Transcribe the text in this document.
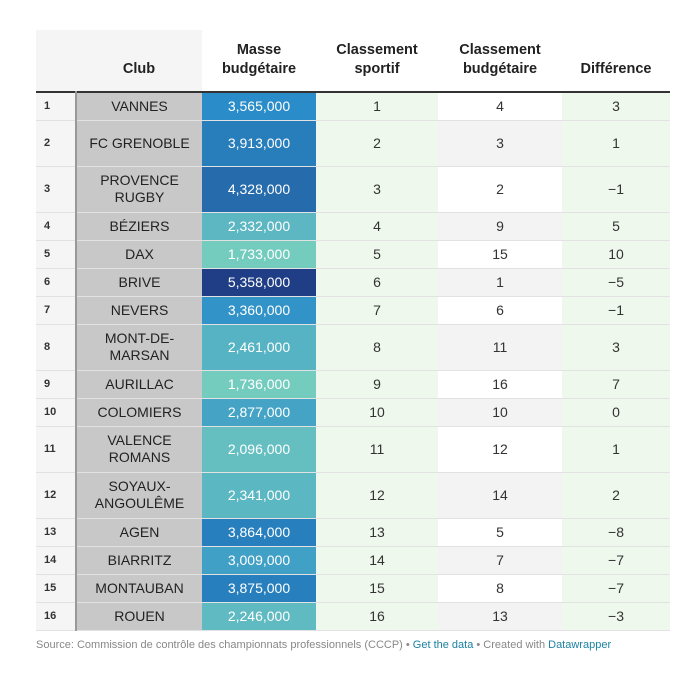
	Club	Masse budgétaire	Classement sportif	Classement budgétaire	Différence
1	VANNES	3,565,000	1	4	3
2	FC GRENOBLE	3,913,000	2	3	1
3	PROVENCE RUGBY	4,328,000	3	2	−1
4	BÉZIERS	2,332,000	4	9	5
5	DAX	1,733,000	5	15	10
6	BRIVE	5,358,000	6	1	−5
7	NEVERS	3,360,000	7	6	−1
8	MONT-DE-MARSAN	2,461,000	8	11	3
9	AURILLAC	1,736,000	9	16	7
10	COLOMIERS	2,877,000	10	10	0
11	VALENCE ROMANS	2,096,000	11	12	1
12	SOYAUX-ANGOULÊME	2,341,000	12	14	2
13	AGEN	3,864,000	13	5	−8
14	BIARRITZ	3,009,000	14	7	−7
15	MONTAUBAN	3,875,000	15	8	−7
16	ROUEN	2,246,000	16	13	−3
Source: Commission de contrôle des championnats professionnels (CCCP) • Get the data • Created with Datawrapper
